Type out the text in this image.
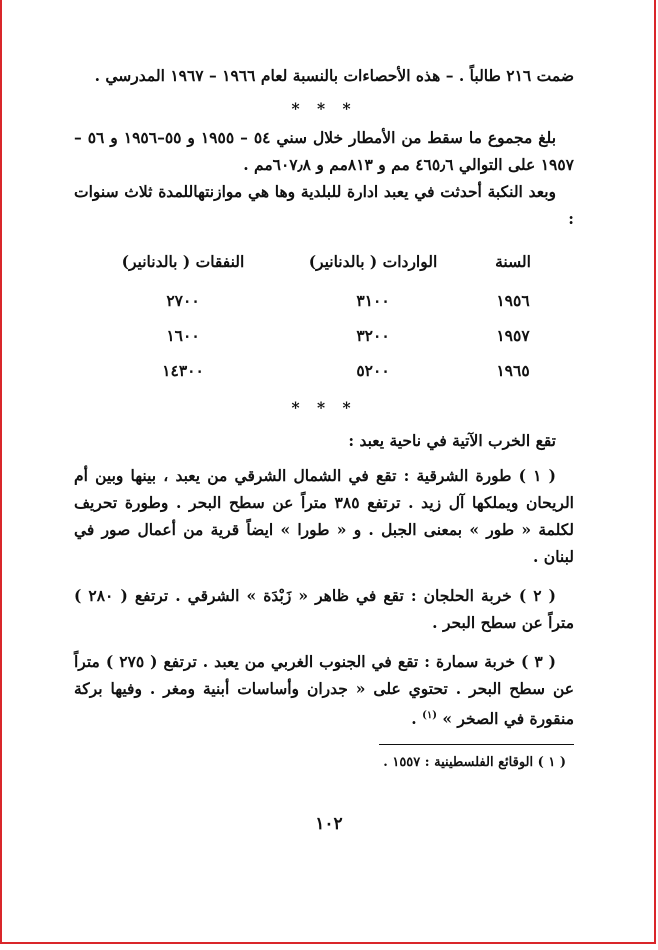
ضمت ٢١٦ طالباً . – هذه الأحصاءات بالنسبة لعام ١٩٦٦ – ١٩٦٧ المدرسي .

* * *

بلغ مجموع ما سقط من الأمطار خلال سني ٥٤ – ١٩٥٥ و ٥٥–١٩٥٦ و ٥٦ – ١٩٥٧ على التوالي ٤٦٥٫٦ مم و ٨١٣مم و ٦٠٧٫٨مم .

وبعد النكبة أحدثت في يعبد ادارة للبلدية وها هي موازنتهاللمدة ثلاث سنوات :

السنة	الواردات ( بالدنانير)	النفقات ( بالدنانير)
١٩٥٦	٣١٠٠	٢٧٠٠
١٩٥٧	٣٢٠٠	١٦٠٠
١٩٦٥	٥٢٠٠	١٤٣٠٠
* * *

تقع الخرب الآتية في ناحية يعبد :

( ١ ) طورة الشرقية : تقع في الشمال الشرقي من يعبد ، بينها وبين أم الريحان ويملكها آل زيد . ترتفع ٣٨٥ متراً عن سطح البحر . وطورة تحريف لكلمة « طور » بمعنى الجبل . و « طورا » ايضاً قرية من أعمال صور في لبنان .

( ٢ ) خربة الحلجان : تقع في ظاهر « زَبْدَة » الشرقي . ترتفع ( ٢٨٠ ) متراً عن سطح البحر .

( ٣ ) خربة سمارة : تقع في الجنوب الغربي من يعبد . ترتفع ( ٢٧٥ ) متراً عن سطح البحر . تحتوي على « جدران وأساسات أبنية ومغر . وفيها بركة منقورة في الصخر » $^{(١)}$ .

( ١ ) الوقائع الفلسطينية : ١٥٥٧ .

١٠٢
